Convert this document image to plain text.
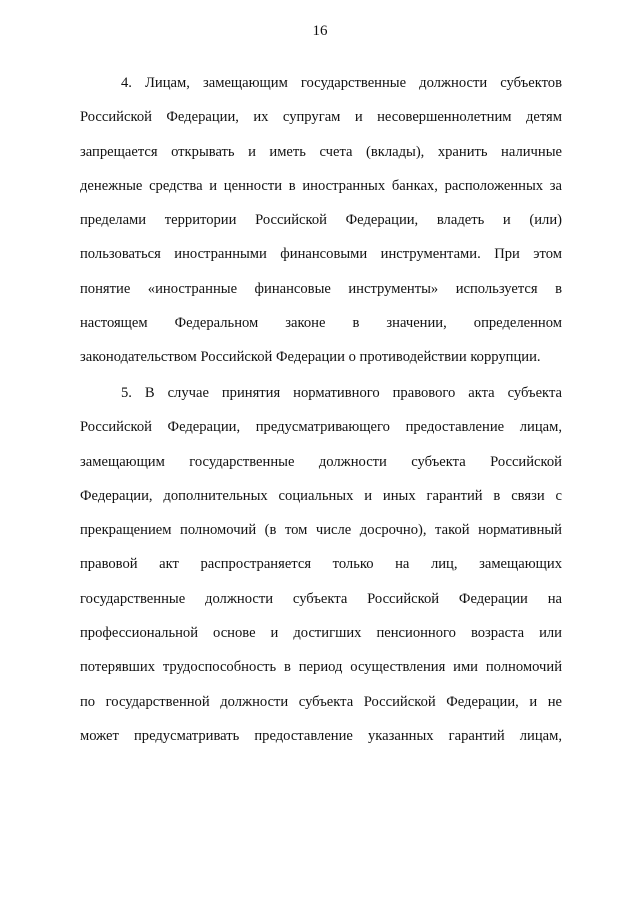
16

4. Лицам, замещающим государственные должности субъектов
Российской Федерации, их супругам и несовершеннолетним детям
запрещается открывать и иметь счета (вклады), хранить наличные
денежные средства и ценности в иностранных банках, расположенных за
пределами территории Российской Федерации, владеть и (или)
пользоваться иностранными финансовыми инструментами. При этом
понятие «иностранные финансовые инструменты» используется в
настоящем Федеральном законе в значении, определенном
законодательством Российской Федерации о противодействии коррупции.

5. В случае принятия нормативного правового акта субъекта
Российской Федерации, предусматривающего предоставление лицам,
замещающим государственные должности субъекта Российской
Федерации, дополнительных социальных и иных гарантий в связи с
прекращением полномочий (в том числе досрочно), такой нормативный
правовой акт распространяется только на лиц, замещающих
государственные должности субъекта Российской Федерации на
профессиональной основе и достигших пенсионного возраста или
потерявших трудоспособность в период осуществления ими полномочий
по государственной должности субъекта Российской Федерации, и не
может предусматривать предоставление указанных гарантий лицам,
